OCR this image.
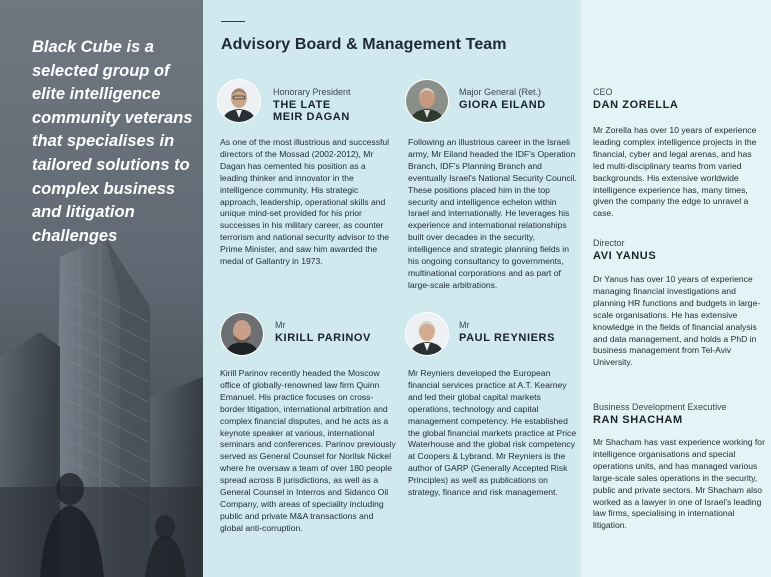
Black Cube is a selected group of elite intelligence community veterans that specialises in tailored solutions to complex business and litigation challenges

Advisory Board & Management Team
Honorary President
THE LATE
MEIR DAGAN

As one of the most illustrious and successful directors of the Mossad (2002-2012), Mr Dagan has cemented his position as a leading thinker and innovator in the intelligence community. His strategic approach, leadership, operational skills and unique mind-set provided for his prior successes in his military career, as counter terrorism and national security advisor to the Prime Minister, and saw him awarded the medal of Gallantry in 1973.

Major General (Ret.)
GIORA EILAND

Following an illustrious career in the Israeli army, Mr Eiland headed the IDF's Operation Branch, IDF's Planning Branch and eventually Israel's National Security Council. These positions placed him in the top security and intelligence echelon within Israel and internationally. He leverages his experience and international relationships built over decades in the security, intelligence and strategic planning fields in his ongoing consultancy to governments, multinational corporations and as part of large-scale arbitrations.

Mr
KIRILL PARINOV

Kirill Parinov recently headed the Moscow office of globally-renowned law firm Quinn Emanuel. His practice focuses on cross-border litigation, international arbitration and complex financial disputes, and he acts as a keynote speaker at various, international seminars and conferences. Parinov previously served as General Counsel for Norilsk Nickel where he oversaw a team of over 180 people spread across 8 jurisdictions, as well as a General Counsel in Interros and Sidanco Oil Company, with areas of speciality including public and private M&A transactions and global anti-corruption.

Mr
PAUL REYNIERS

Mr Reyniers developed the European financial services practice at A.T. Kearney and led their global capital markets operations, technology and capital management competency. He established the global financial markets practice at Price Waterhouse and the global risk competency at Coopers & Lybrand. Mr Reyniers is the author of GARP (Generally Accepted Risk Principles) as well as publications on strategy, finance and risk management.

CEO
DAN ZORELLA

Mr Zorella has over 10 years of experience leading complex intelligence projects in the financial, cyber and legal arenas, and has led multi-disciplinary teams from varied backgrounds. His extensive worldwide intelligence experience has, many times, given the company the edge to unravel a case.

Director
AVI YANUS

Dr Yanus has over 10 years of experience managing financial investigations and planning HR functions and budgets in large-scale organisations. He has extensive knowledge in the fields of financial analysis and data management, and holds a PhD in business management from Tel-Aviv University.

Business Development Executive
RAN SHACHAM

Mr Shacham has vast experience working for intelligence organisations and special operations units, and has managed various large-scale sales operations in the security, public and private sectors. Mr Shacham also worked as a lawyer in one of Israel's leading law firms, specialising in international litigation.
